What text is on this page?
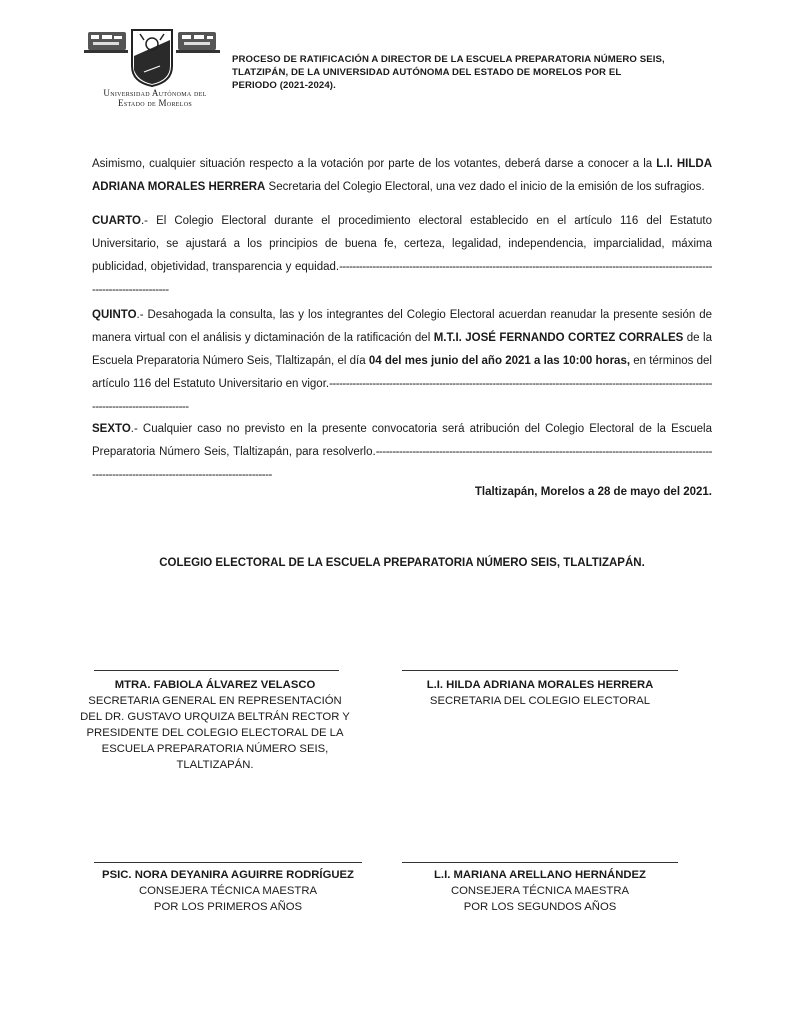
Universidad Autónoma del
Estado de Morelos
PROCESO DE RATIFICACIÓN A DIRECTOR DE LA ESCUELA PREPARATORIA NÚMERO SEIS,
TLATZIPÁN, DE LA UNIVERSIDAD AUTÓNOMA DEL ESTADO DE MORELOS POR EL
PERIODO (2021-2024).
Asimismo, cualquier situación respecto a la votación por parte de los votantes, deberá darse a conocer a la L.I. HILDA ADRIANA MORALES HERRERA Secretaria del Colegio Electoral, una vez dado el inicio de la emisión de los sufragios.
CUARTO.- El Colegio Electoral durante el procedimiento electoral establecido en el artículo 116 del Estatuto Universitario, se ajustará a los principios de buena fe, certeza, legalidad, independencia, imparcialidad, máxima publicidad, objetividad, transparencia y equidad.---------------------------------------------------------------------------------------------------------------------------------------
QUINTO.- Desahogada la consulta, las y los integrantes del Colegio Electoral acuerdan reanudar la presente sesión de manera virtual con el análisis y dictaminación de la ratificación del M.T.I. JOSÉ FERNANDO CORTEZ CORRALES de la Escuela Preparatoria Número Seis, Tlaltizapán, el día 04 del mes junio del año 2021 a las 10:00 horas, en términos del artículo 116 del Estatuto Universitario en vigor.------------------------------------------------------------------------------------------------------------------------------------------------
SEXTO.- Cualquier caso no previsto en la presente convocatoria será atribución del Colegio Electoral de la Escuela Preparatoria Número Seis, Tlaltizapán, para resolverlo.-----------------------------------------------------------------------------------------------------------------------------------------------------------
Tlaltizapán, Morelos a 28 de mayo del 2021.
COLEGIO ELECTORAL DE LA ESCUELA PREPARATORIA NÚMERO SEIS, TLALTIZAPÁN.
MTRA. FABIOLA ÁLVAREZ VELASCO
SECRETARIA GENERAL EN REPRESENTACIÓN
DEL DR. GUSTAVO URQUIZA BELTRÁN RECTOR Y
PRESIDENTE DEL COLEGIO ELECTORAL DE LA
ESCUELA PREPARATORIA NÚMERO SEIS,
TLALTIZAPÁN.
L.I. HILDA ADRIANA MORALES HERRERA
SECRETARIA DEL COLEGIO ELECTORAL
PSIC. NORA DEYANIRA AGUIRRE RODRÍGUEZ
CONSEJERA TÉCNICA MAESTRA
POR LOS PRIMEROS AÑOS
L.I. MARIANA ARELLANO HERNÁNDEZ
CONSEJERA TÉCNICA MAESTRA
POR LOS SEGUNDOS AÑOS
